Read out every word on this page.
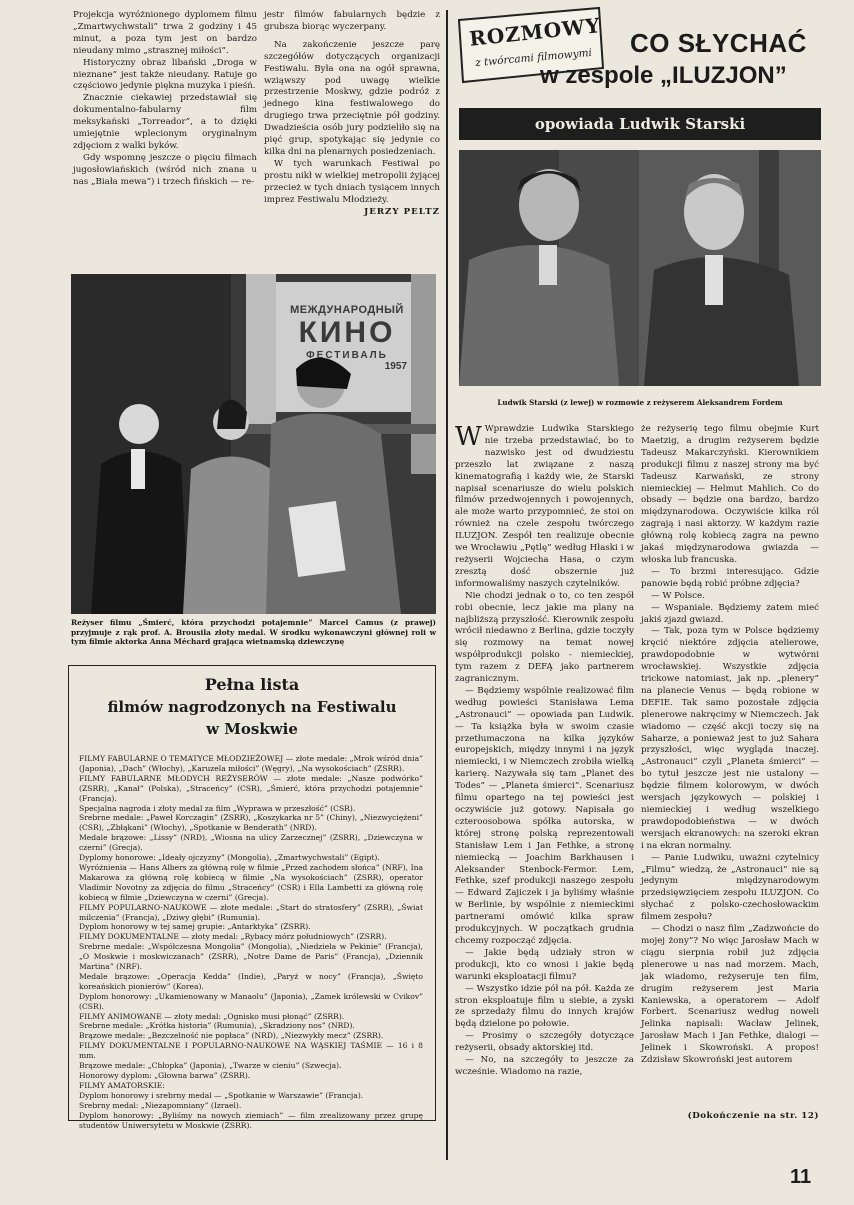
Projekcja wyróżnionego dyplomem filmu „Zmartwychwstali” trwa 2 godziny i 45 minut, a poza tym jest on bardzo nieudany mimo „strasznej miłości”.

Historyczny obraz libański „Droga w nieznane” jest także nieudany. Ratuje go częściowo jedynie piękna muzyka i pieśń.

Znacznie ciekawiej przedstawiał się dokumentalno-fabularny film meksykański „Torreador”, a to dzięki umiejętnie wplecionym oryginalnym zdjęciom z walki byków.

Gdy wspomnę jeszcze o pięciu filmach jugosłowiańskich (wśród nich znana u nas „Biała mewa”) i trzech fińskich — re-

jestr filmów fabularnych będzie z grubsza biorąc wyczerpany.

Na zakończenie jeszcze parę szczegółów dotyczących organizacji Festiwalu. Była ona na ogół sprawna, wziąwszy pod uwagę wielkie przestrzenie Moskwy, gdzie podróż z jednego kina festiwalowego do drugiego trwa przeciętnie pół godziny. Dwadzieścia osób jury podzieliło się na pięć grup, spotykając się jedynie co kilka dni na plenarnych posiedzeniach.

W tych warunkach Festiwal po prostu nikł w wielkiej metropolii żyjącej przecież w tych dniach tysiącem innych imprez Festiwalu Młodzieży.

JERZY PELTZ

МЕЖДУНАРОДНЫЙ
КИНО
ФЕСТИВАЛЬ
1957

Reżyser filmu „Śmierć, która przychodzi potajemnie” Marcel Camus (z prawej) przyjmuje z rąk prof. A. Brousila złoty medal. W środku wykonawczyni głównej roli w tym filmie aktorka Anna Méchard grająca wietnamską dziewczynę

Pełna lista
filmów nagrodzonych na Festiwalu
w Moskwie

FILMY FABULARNE O TEMATYCE MŁODZIEŻOWEJ — złote medale: „Mrok wśród dnia” (Japonia), „Dach” (Włochy), „Karuzela miłości” (Węgry), „Na wysokościach” (ZSRR).

FILMY FABULARNE MŁODYCH REŻYSERÓW — złote medale: „Nasze podwórko” (ZSRR), „Kanał” (Polska), „Straceńcy” (CSR), „Śmierć, która przychodzi potajemnie” (Francja).

Specjalna nagroda i złoty medal za film „Wyprawa w przeszłość” (CSR).

Srebrne medale: „Paweł Korczagin” (ZSRR), „Koszykarka nr 5” (Chiny), „Niezwyciężeni” (CSR), „Zbłąkani” (Włochy), „Spotkanie w Benderath” (NRD).

Medale brązowe: „Lissy” (NRD), „Wiosna na ulicy Zarzecznej” (ZSRR), „Dziewczyna w czerni” (Grecja).

Dyplomy honorowe: „Ideały ojczyzny” (Mongolia), „Zmartwychwstali” (Egipt).

Wyróżnienia — Hans Albers za główną rolę w filmie „Przed zachodem słońca” (NRF), Ina Makarowa za główną rolę kobiecą w filmie „Na wysokościach” (ZSRR), operator Vladimir Novotny za zdjęcia do filmu „Straceńcy” (CSR) i Ella Lambetti za główną rolę kobiecą w filmie „Dziewczyna w czerni” (Grecja).

FILMY POPULARNO-NAUKOWE — złote medale: „Start do stratosfery” (ZSRR), „Świat milczenia” (Francja), „Dziwy głębi” (Rumunia).

Dyplom honorowy w tej samej grupie: „Antarktyka” (ZSRR).

FILMY DOKUMENTALNE — złoty medal: „Rybacy mórz południowych” (ZSRR).

Srebrne medale: „Współczesna Mongolia” (Mongolia), „Niedziela w Pekinie” (Francja), „O Moskwie i moskwiczanach” (ZSRR), „Notre Dame de Paris” (Francja), „Dziennik Martina” (NRF).

Medale brązowe: „Operacja Kedda” (Indie), „Paryż w nocy” (Francja), „Święto koreańskich pionierów” (Korea).

Dyplom honorowy: „Ukamienowany w Manaolu” (Japonia), „Zamek królewski w Cvikov” (CSR).

FILMY ANIMOWANE — złoty medal: „Ognisko musi płonąć” (ZSRR).

Srebrne medale: „Krótka historia” (Rumunia), „Skradziony nos” (NRD).

Brązowe medale: „Bezczelność nie popłaca” (NRD), „Niezwykły mecz” (ZSRR).

FILMY DOKUMENTALNE I POPULARNO-NAUKOWE NA WĄSKIEJ TAŚMIE — 16 i 8 mm.

Brązowe medale: „Chłopka” (Japonia), „Twarze w cieniu” (Szwecja).

Honorowy dyplom: „Głowna barwa” (ZSRR).

FILMY AMATORSKIE:

Dyplom honorowy i srebrny medal — „Spotkanie w Warszawie” (Francja).

Srebrny medal: „Niezapomniany” (Izrael).

Dyplom honorowy: „Byliśmy na nowych ziemiach” — film zrealizowany przez grupę studentów Uniwersytetu w Moskwie (ZSRR).

ROZMOWY
z twórcami filmowymi CO SŁYCHAĆ
w zespole „ILUZJON”
opowiada Ludwik Starski

Ludwik Starski (z lewej) w rozmowie z reżyserem Aleksandrem Fordem

W Wprawdzie Ludwika Starskiego nie trzeba przedstawiać, bo to nazwisko jest od dwudziestu przeszło lat związane z naszą kinematografią i każdy wie, że Starski napisał scenariusze do wielu polskich filmów przedwojennych i powojennych, ale może warto przypomnieć, że stoi on również na czele zespołu twórczego ILUZJON. Zespół ten realizuje obecnie we Wrocławiu „Pętlę” według Hłaski i w reżyserii Wojciecha Hasa, o czym zresztą dość obszernie już informowaliśmy naszych czytelników.

Nie chodzi jednak o to, co ten zespół robi obecnie, lecz jakie ma plany na najbliższą przyszłość. Kierownik zespołu wrócił niedawno z Berlina, gdzie toczyły się rozmowy na temat nowej współprodukcji polsko - niemieckiej, tym razem z DEFĄ jako partnerem zagranicznym.

— Będziemy wspólnie realizować film według powieści Stanisława Lema „Astronauci” — opowiada pan Ludwik. — Ta książka była w swoim czasie przetłumaczona na kilka języków europejskich, między innymi i na język niemiecki, i w Niemczech zrobiła wielką karierę. Nazywała się tam „Planet des Todes” — „Planeta śmierci”. Scenariusz filmu opartego na tej powieści jest oczywiście już gotowy. Napisała go czteroosobowa spółka autorska, w której stronę polską reprezentowali Stanisław Lem i Jan Fethke, a stronę niemiecką — Joachim Barkhausen i Aleksander Stenbock-Fermor. Lem, Fethke, szef produkcji naszego zespołu — Edward Zajiczek i ja byliśmy właśnie w Berlinie, by wspólnie z niemieckimi partnerami omówić kilka spraw produkcyjnych. W początkach grudnia chcemy rozpocząć zdjęcia.

— Jakie będą udziały stron w produkcji, kto co wnosi i jakie będą warunki eksploatacji filmu?

— Wszystko idzie pół na pół. Każda ze stron eksploatuje film u siebie, a zyski ze sprzedaży filmu do innych krajów będą dzielone po połowie.

— Prosimy o szczegóły dotyczące reżyserii, obsady aktorskiej itd.

— No, na szczegóły to jeszcze za wcześnie. Wiadomo na razie,

że reżyserię tego filmu obejmie Kurt Maetzig, a drugim reżyserem będzie Tadeusz Makarczyński. Kierownikiem produkcji filmu z naszej strony ma być Tadeusz Karwański, ze strony niemieckiej — Helmut Mahlich. Co do obsady — będzie ona bardzo, bardzo międzynarodowa. Oczywiście kilka ról zagrają i nasi aktorzy. W każdym razie główną rolę kobiecą zagra na pewno jakaś międzynarodowa gwiazda — włoska lub francuska.

— To brzmi interesująco. Gdzie panowie będą robić próbne zdjęcia?

— W Polsce.

— Wspaniale. Będziemy zatem mieć jakiś zjazd gwiazd.

— Tak, poza tym w Polsce będziemy kręcić niektóre zdjęcia atelierowe, prawdopodobnie w wytwórni wrocławskiej. Wszystkie zdjęcia trickowe natomiast, jak np. „plenery” na planecie Venus — będą robione w DEFIE. Tak samo pozostałe zdjęcia plenerowe nakręcimy w Niemczech. Jak wiadomo — część akcji toczy się na Saharze, a ponieważ jest to już Sahara przyszłości, więc wygląda inaczej. „Astronauci” czyli „Planeta śmierci” — bo tytuł jeszcze jest nie ustalony — będzie filmem kolorowym, w dwóch wersjach językowych — polskiej i niemieckiej i według wszelkiego prawdopodobieństwa — w dwóch wersjach ekranowych: na szeroki ekran i na ekran normalny.

— Panie Ludwiku, uważni czytelnicy „Filmu” wiedzą, że „Astronauci” nie są jedynym międzynarodowym przedsięwzięciem zespołu ILUZJON. Co słychać z polsko-czechosłowackim filmem zespołu?

— Chodzi o nasz film „Zadzwońcie do mojej żony”? No więc Jarosław Mach w ciągu sierpnia robił już zdjęcia plenerowe u nas nad morzem. Mach, jak wiadomo, reżyseruje ten film, drugim reżyserem jest Maria Kaniewska, a operatorem — Adolf Forbert. Scenariusz według noweli Jelinka napisali: Wacław Jelinek, Jarosław Mach i Jan Fethke, dialogi — Jelinek i Skowroński. A propos! Zdzisław Skowroński jest autorem

(Dokończenie na str. 12)
11
